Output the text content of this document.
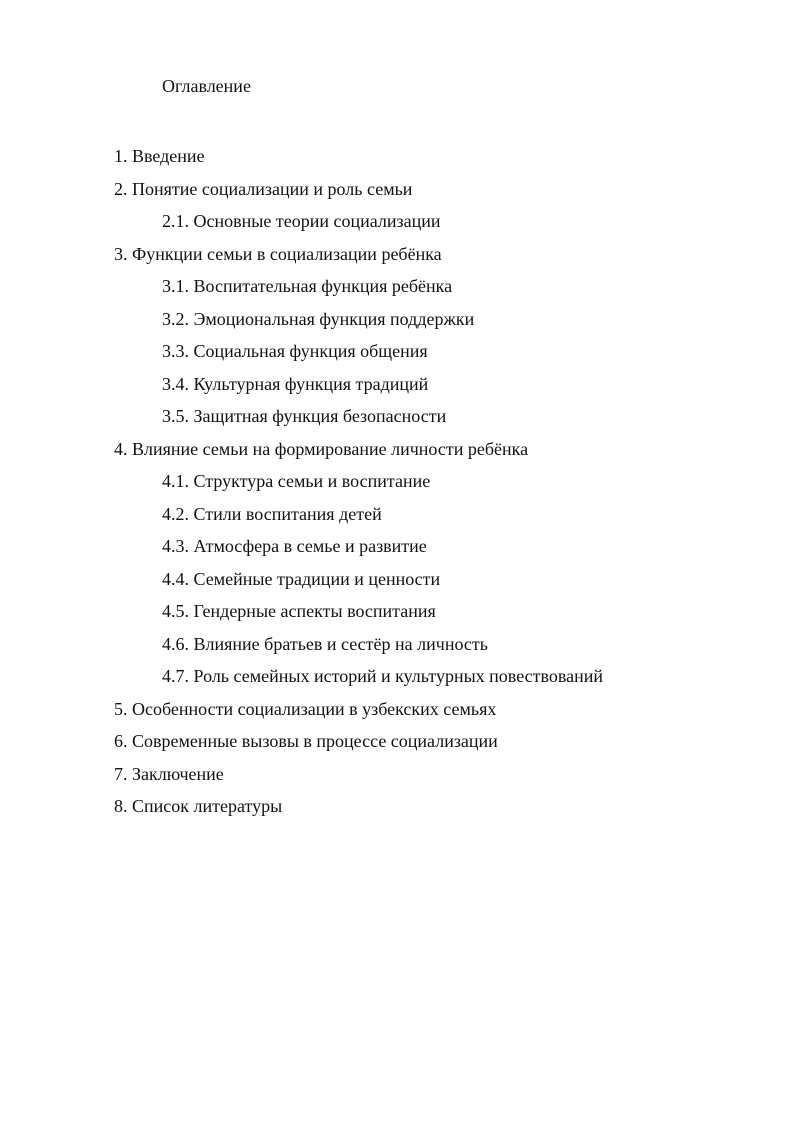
Оглавление
1. Введение
2. Понятие социализации и роль семьи
2.1. Основные теории социализации
3. Функции семьи в социализации ребёнка
3.1. Воспитательная функция ребёнка
3.2. Эмоциональная функция поддержки
3.3. Социальная функция общения
3.4. Культурная функция традиций
3.5. Защитная функция безопасности
4. Влияние семьи на формирование личности ребёнка
4.1. Структура семьи и воспитание
4.2. Стили воспитания детей
4.3. Атмосфера в семье и развитие
4.4. Семейные традиции и ценности
4.5. Гендерные аспекты воспитания
4.6. Влияние братьев и сестёр на личность
4.7. Роль семейных историй и культурных повествований
5. Особенности социализации в узбекских семьях
6. Современные вызовы в процессе социализации
7. Заключение
8. Список литературы
